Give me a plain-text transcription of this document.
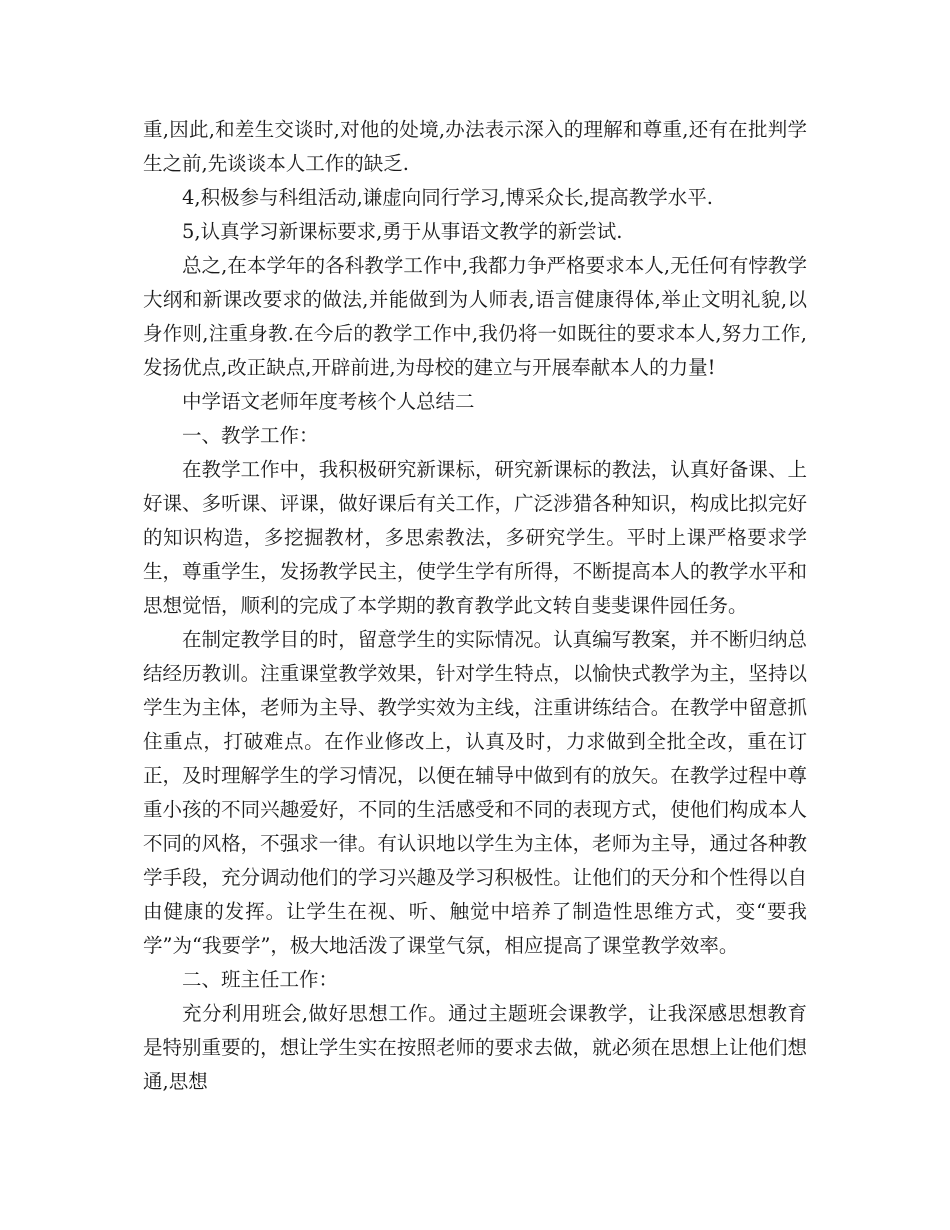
重,因此,和差生交谈时,对他的处境,办法表示深入的理解和尊重,还有在批判学生之前,先谈谈本人工作的缺乏.

4,积极参与科组活动,谦虚向同行学习,博采众长,提高教学水平.

5,认真学习新课标要求,勇于从事语文教学的新尝试.

总之,在本学年的各科教学工作中,我都力争严格要求本人,无任何有悖教学大纲和新课改要求的做法,并能做到为人师表,语言健康得体,举止文明礼貌,以身作则,注重身教.在今后的教学工作中,我仍将一如既往的要求本人,努力工作,发扬优点,改正缺点,开辟前进,为母校的建立与开展奉献本人的力量!

中学语文老师年度考核个人总结二

一、教学工作：

在教学工作中，我积极研究新课标，研究新课标的教法，认真好备课、上好课、多听课、评课，做好课后有关工作，广泛涉猎各种知识，构成比拟完好的知识构造，多挖掘教材，多思索教法，多研究学生。平时上课严格要求学生，尊重学生，发扬教学民主，使学生学有所得，不断提高本人的教学水平和思想觉悟，顺利的完成了本学期的教育教学此文转自斐斐课件园任务。

在制定教学目的时，留意学生的实际情况。认真编写教案，并不断归纳总结经历教训。注重课堂教学效果，针对学生特点，以愉快式教学为主，坚持以学生为主体，老师为主导、教学实效为主线，注重讲练结合。在教学中留意抓住重点，打破难点。在作业修改上，认真及时，力求做到全批全改，重在订正，及时理解学生的学习情况，以便在辅导中做到有的放矢。在教学过程中尊重小孩的不同兴趣爱好，不同的生活感受和不同的表现方式，使他们构成本人不同的风格，不强求一律。有认识地以学生为主体，老师为主导，通过各种教学手段，充分调动他们的学习兴趣及学习积极性。让他们的天分和个性得以自由健康的发挥。让学生在视、听、触觉中培养了制造性思维方式，变“要我学”为“我要学”，极大地活泼了课堂气氛，相应提高了课堂教学效率。

二、班主任工作：

充分利用班会,做好思想工作。通过主题班会课教学，让我深感思想教育是特别重要的，想让学生实在按照老师的要求去做，就必须在思想上让他们想通,思想
